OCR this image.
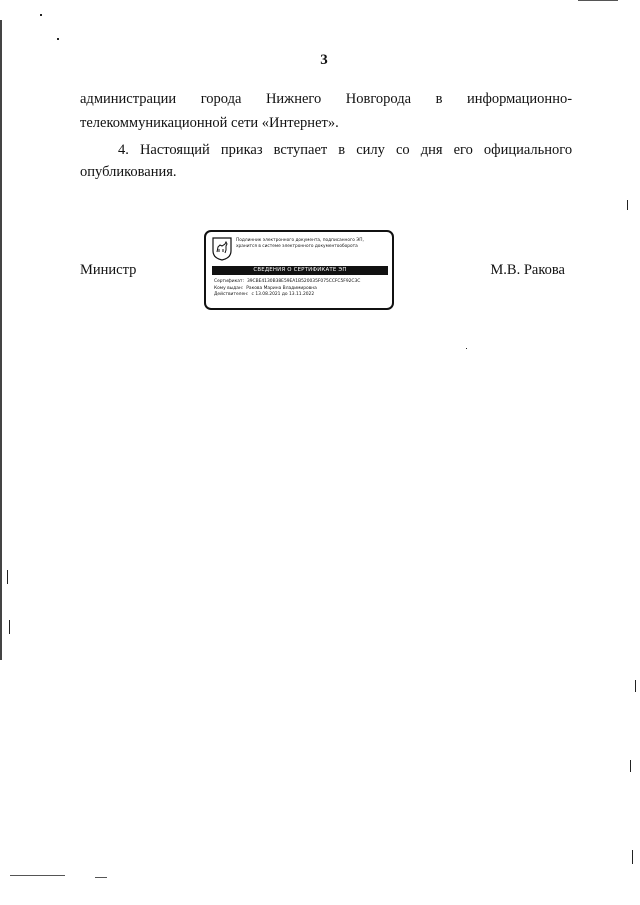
3
администрации города Нижнего Новгорода в информационно-
телекоммуникационной сети «Интернет».
4. Настоящий приказ вступает в силу со дня его официального
опубликования.
Министр	М.В. Ракова
Подлинник электронного документа, подписанного ЭП,
хранится в системе электронного документооборота
СВЕДЕНИЯ О СЕРТИФИКАТЕ ЭП
Сертификат: 39CBE4130B38E59EA1B520035F075CCFC5F92C3C
Кому выдан: Ракова Марина Владимировна
Действителен: с 13.08.2021 до 13.11.2022
